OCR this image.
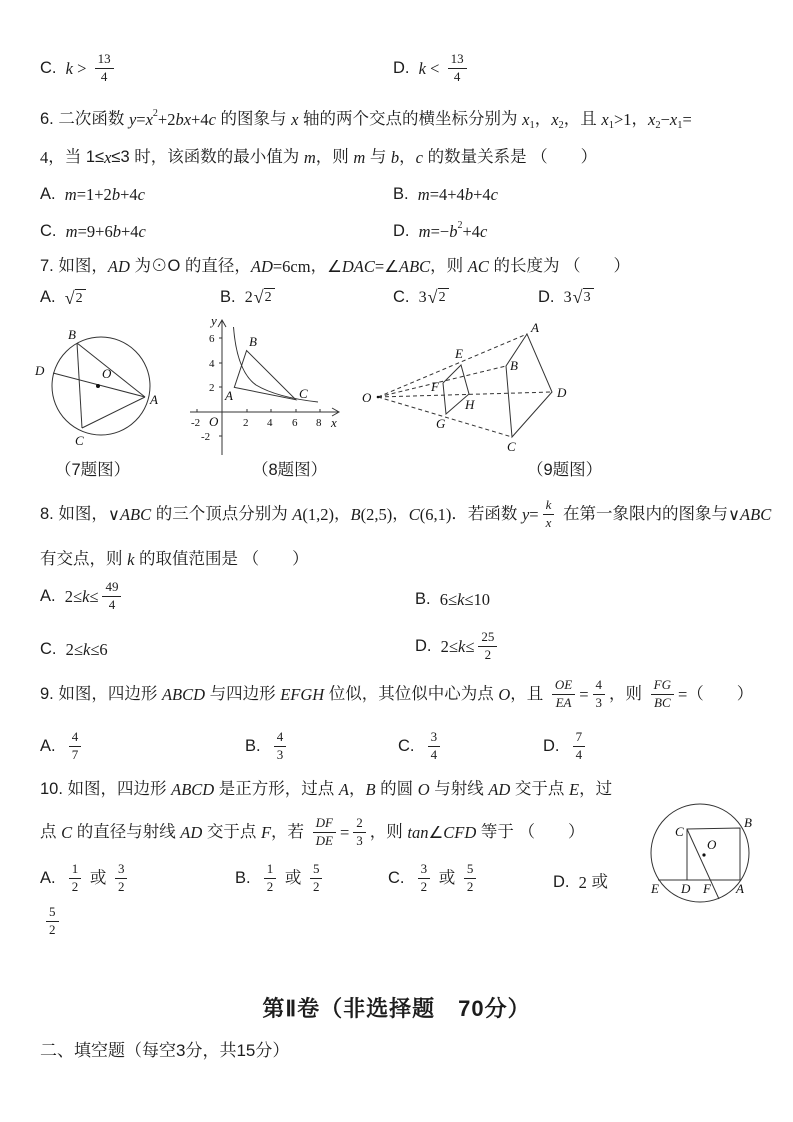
C. $k > \frac{13}{4}$	D. $k < \frac{13}{4}$
6. 二次函数 y = x 2 +2 bx +4 c 的图象与 x 轴的两个交点的横坐标分别为 x 1 ， x 2 ，且 x 1 >1 ， x 2 − x 1 =
4 ，当 1≤ x ≤3 时，该函数的最小值为 m ，则 m 与 b ， c 的数量关系是 （　　）
A. m =1+2 b +4 c	B. m =4+4 b +4 c
C. m =9+6 b +4 c	D. m =− b 2 +4 c
7. 如图， AD 为⊙O 的直径， AD =6cm ， ∠ DAC =∠ ABC ，则 AC 的长度为 （　　）
A. √ 2	B. 2 √ 2	C. 3 √ 2	D. 3 √ 3
B
D	O
A
C
-2	2 4 6 8
6
4
2
-2
O	x
y
A
B
C	O
E
F
H
G
A
B
D
C
（7题图）	（8题图）	（9题图）
8. 如图， ∨ ABC 的三个顶点分别为 A (1,2) ， B (2,5) ， C (6,1) ．若函数 $y = \frac{k}{x}$ 在第一象限内的图象与 ∨ ABC
有交点，则 k 的取值范围是 （　　）
A. $2\le k \le \frac{49}{4}$	B. 6≤ k ≤10
C. 2≤ k ≤6	D. $2\le k \le \frac{25}{2}$
9. 如图，四边形 ABCD 与四边形 EFGH 位似，其位似中心为点 O ，且 $\frac{OE}{EA} = \frac{4}{3}$ ，则 $\frac{FG}{BC}$ = （　　）
A. $\frac{4}{7}$	B. $\frac{4}{3}$	C. $\frac{3}{4}$	D. $\frac{7}{4}$
10. 如图，四边形 ABCD 是正方形，过点 A ， B 的圆 O 与射线 AD 交于点 E ，过
点 C 的直径与射线 AD 交于点 F ，若 $\frac{DF}{DE} = \frac{2}{3}$ ，则 tan ∠ CFD 等于 （　　）
A. $\frac{1}{2}$ 或 $\frac{3}{2}$	B. $\frac{1}{2}$ 或 $\frac{5}{2}$	C. $\frac{3}{2}$ 或 $\frac{5}{2}$	D. 2 或
$\frac{5}{2}$
C
B
O
E D F A
第Ⅱ卷（非选择题　70分）
二、填空题（每空3分，共15分）
